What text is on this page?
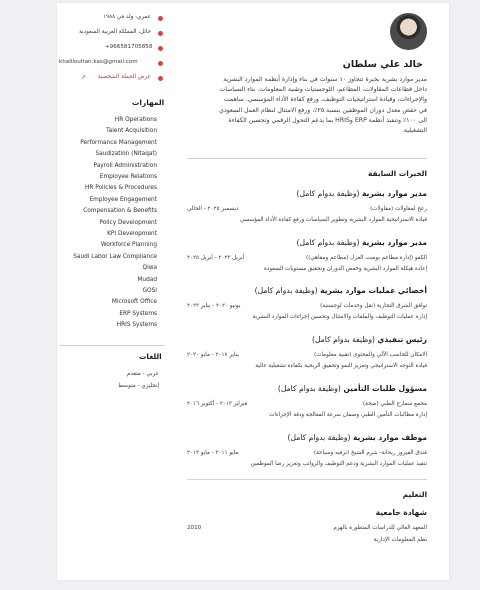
عمري، ولد في ١٩٨٨
حائل، المملكة العربية السعودية
+966581705858
khaliloultan.kas@gmail.com
عرض الحملة الشخصية
↗
المهارات
HR Operations
Talent Acquisition
Performance Management
Saudization (Nitaqat)
Payroll Administration
Employee Relations
HR Policies & Procedures
Employee Engagement
Compensation & Benefits
Policy Development
KPI Development
Workforce Planning
Saudi Labor Law Compliance
Qiwa
Mudad
GOSI
Microsoft Office
ERP Systems
HRIS Systems
اللغات
عربي - متقدم
إنجليزي - متوسط
خالد علي سلطان
مدير موارد بشرية بخبرة تتجاوز ١٠ سنوات في بناء وإدارة أنظمة الموارد البشرية داخل قطاعات المقاولات، المطاعم، اللوجستيات وتقنية المعلومات. بناء السياسات والإجراءات، وقيادة استراتيجيات التوظيف، ورفع كفاءة الأداء المؤسسي. ساهمت في خفض معدل دوران الموظفين بنسبة ٢٥٪، ورفع الامتثال لنظام العمل السعودي الى ١٠٠٪ وتنفيذ أنظمة ERP وHRIS بما يدعم التحول الرقمي وتحسين الكفاءة التشغيلية.
الخبرات السابقة
مدير موارد بشرية (وظيفة بدوام كامل)
رعج لمقاولات (مقاولات)
ديسمبر ٢٠٢٥ - الحالي
قيادة الاستراتيجية الموارد البشرية وتطوير السياسات ورفع كفاءة الأداء المؤسسي
مدير موارد بشرية (وظيفة بدوام كامل)
الكفو (إدارة مطاعم بوست الغزل (مطاعم ومقاهي))
أبريل ٢٠٢٣ - أبريل ٢٠٢٥
إعادة هيكلة الموارد البشرية وخفض الدوران وتحقيق مستويات السعودة
أخصائي عمليات موارد بشرية (وظيفة بدوام كامل)
توافق الشرق التجارية (نقل وخدمات لوجستية)
يونيو ٢٠٢٠ - يناير ٢٠٢٣
إدارة عمليات التوظيف والملفات والامتثال وتحسين إجراءات الموارد البشرية
رئيس تنفيذي (وظيفة بدوام كامل)
الامكان للحاسب الآلي والمحتوى (تقنية معلومات)
يناير ٢٠١٧ - مايو ٢٠٢٠
قيادة التوجه الاستراتيجي وتعزيز النمو وتحقيق الربحية بكفاءة تشغيلية عالية
مسؤول طلبات التأمين (وظيفة بدوام كامل)
مجمع سمارج الطبي (صحة)
فبراير ٢٠١٣ - أكتوبر ٢٠١٦
إدارة مطالبات التأمين الطبي وضمان سرعة المعالجة ودقة الإجراءات
موظف موارد بشرية (وظيفة بدوام كامل)
فندق الفيروز ريحانة- شرم الشيخ (ترفيه وسياحة)
مايو ٢٠١١ - مايو ٢٠١٢
تنفيذ عمليات الموارد البشرية ودعم التوظيف والرواتب وتعزيز رضا الموظفين
التعليم
شهادة جامعية
المعهد العالي للدراسات المتطورة بالهرم
2010
نظم المعلومات الإدارية
